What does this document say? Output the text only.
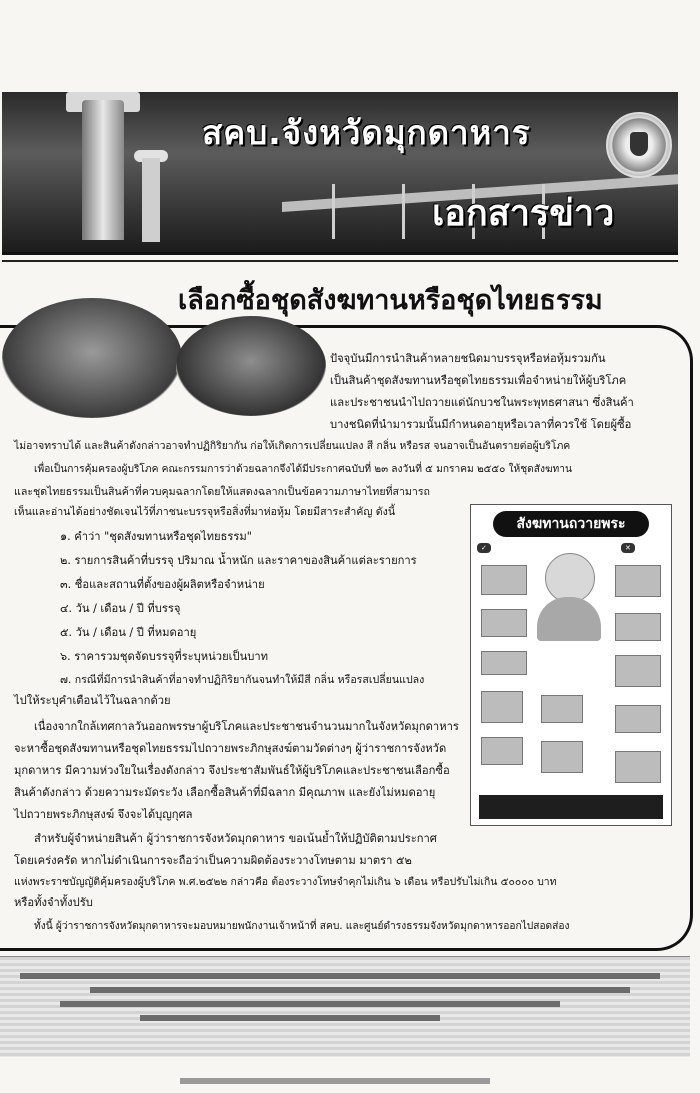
สคบ.จังหวัดมุกดาหาร
เอกสารข่าว
เลือกซื้อชุดสังฆทานหรือชุดไทยธรรม
ปัจจุบันมีการนำสินค้าหลายชนิดมาบรรจุหรือห่อหุ้มรวมกัน
เป็นสินค้าชุดสังฆทานหรือชุดไทยธรรมเพื่อจำหน่ายให้ผู้บริโภค
และประชาชนนำไปถวายแด่นักบวชในพระพุทธศาสนา ซึ่งสินค้า
บางชนิดที่นำมารวมนั้นมีกำหนดอายุหรือเวลาที่ควรใช้ โดยผู้ซื้อ
ไม่อาจทราบได้ และสินค้าดังกล่าวอาจทำปฏิกิริยากัน ก่อให้เกิดการเปลี่ยนแปลง สี กลิ่น หรือรส จนอาจเป็นอันตรายต่อผู้บริโภค
เพื่อเป็นการคุ้มครองผู้บริโภค คณะกรรมการว่าด้วยฉลากจึงได้มีประกาศฉบับที่ ๒๓ ลงวันที่ ๕ มกราคม ๒๕๕๐ ให้ชุดสังฆทาน
และชุดไทยธรรมเป็นสินค้าที่ควบคุมฉลากโดยให้แสดงฉลากเป็นข้อความภาษาไทยที่สามารถ
เห็นและอ่านได้อย่างชัดเจนไว้ที่ภาชนะบรรจุหรือสิ่งที่มาห่อหุ้ม โดยมีสาระสำคัญ ดังนี้
๑. คำว่า "ชุดสังฆทานหรือชุดไทยธรรม"
๒. รายการสินค้าที่บรรจุ ปริมาณ น้ำหนัก และราคาของสินค้าแต่ละรายการ
๓. ชื่อและสถานที่ตั้งของผู้ผลิตหรือจำหน่าย
๔. วัน / เดือน / ปี ที่บรรจุ
๕. วัน / เดือน / ปี ที่หมดอายุ
๖. ราคารวมชุดจัดบรรจุที่ระบุหน่วยเป็นบาท
๗. กรณีที่มีการนำสินค้าที่อาจทำปฏิกิริยากันจนทำให้มีสี กลิ่น หรือรสเปลี่ยนแปลง
ไปให้ระบุคำเตือนไว้ในฉลากด้วย
เนื่องจากใกล้เทศกาลวันออกพรรษาผู้บริโภคและประชาชนจำนวนมากในจังหวัดมุกดาหาร
จะหาซื้อชุดสังฆทานหรือชุดไทยธรรมไปถวายพระภิกษุสงฆ์ตามวัดต่างๆ ผู้ว่าราชการจังหวัด
มุกดาหาร มีความห่วงใยในเรื่องดังกล่าว จึงประชาสัมพันธ์ให้ผู้บริโภคและประชาชนเลือกซื้อ
สินค้าดังกล่าว ด้วยความระมัดระวัง เลือกซื้อสินค้าที่มีฉลาก มีคุณภาพ และยังไม่หมดอายุ
ไปถวายพระภิกษุสงฆ์ จึงจะได้บุญกุศล
สำหรับผู้จำหน่ายสินค้า ผู้ว่าราชการจังหวัดมุกดาหาร ขอเน้นย้ำให้ปฏิบัติตามประกาศ
โดยเคร่งครัด หากไม่ดำเนินการจะถือว่าเป็นความผิดต้องระวางโทษตาม มาตรา ๕๒
แห่งพระราชบัญญัติคุ้มครองผู้บริโภค พ.ศ.๒๕๒๒ กล่าวคือ ต้องระวางโทษจำคุกไม่เกิน ๖ เดือน หรือปรับไม่เกิน ๕๐๐๐๐ บาท
หรือทั้งจำทั้งปรับ
ทั้งนี้ ผู้ว่าราชการจังหวัดมุกดาหารจะมอบหมายพนักงานเจ้าหน้าที่ สคบ. และศูนย์ดำรงธรรมจังหวัดมุกดาหารออกไปสอดส่อง
สังฆทานถวายพระ
✓	✕
